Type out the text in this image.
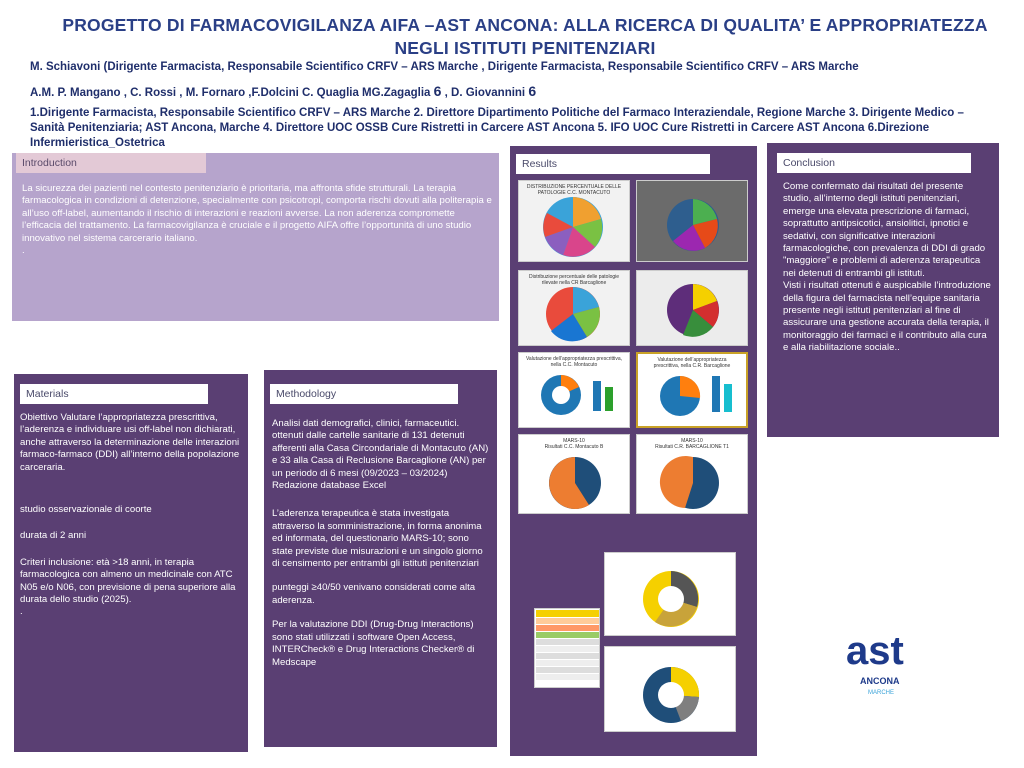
PROGETTO DI FARMACOVIGILANZA AIFA –AST ANCONA: ALLA RICERCA DI QUALITA’ E APPROPRIATEZZA NEGLI ISTITUTI PENITENZIARI
M. Schiavoni (Dirigente Farmacista, Responsabile Scientifico CRFV – ARS Marche , Dirigente Farmacista, Responsabile Scientifico CRFV – ARS Marche
A.M. P. Mangano , C. Rossi , M. Fornaro ,F.Dolcini C. Quaglia MG.Zagaglia 6 , D. Giovannini 6
1.Dirigente Farmacista, Responsabile Scientifico CRFV – ARS Marche 2. Direttore Dipartimento Politiche del Farmaco Interaziendale, Regione Marche 3. Dirigente Medico – Sanità Penitenziaria; AST Ancona, Marche 4. Direttore UOC OSSB Cure Ristretti in Carcere AST Ancona 5. IFO UOC Cure Ristretti in Carcere AST Ancona 6.Direzione Infermieristica_Ostetrica
Introduction

La sicurezza dei pazienti nel contesto penitenziario è prioritaria, ma affronta sfide strutturali. La terapia farmacologica in condizioni di detenzione, specialmente con psicotropi, comporta rischi dovuti alla politerapia e all’uso off-label, aumentando il rischio di interazioni e reazioni avverse. La non aderenza compromette l’efficacia del trattamento. La farmacovigilanza è cruciale e il progetto AIFA offre l’opportunità di uno studio innovativo nel sistema carcerario italiano.

.

Materials

Obiettivo Valutare l’appropriatezza prescrittiva, l’aderenza e individuare usi off-label non dichiarati, anche attraverso la determinazione delle interazioni farmaco-farmaco (DDI) all’interno della popolazione carceraria.

studio osservazionale di coorte

durata di 2 anni

Criteri inclusione: età >18 anni, in terapia farmacologica con almeno un medicinale con ATC N05 e/o N06, con previsione di pena superiore alla durata dello studio (2025).

.

Methodology

Analisi dati demografici, clinici, farmaceutici. ottenuti dalle cartelle sanitarie di 131 detenuti afferenti alla Casa Circondariale di Montacuto (AN) e 33 alla Casa di Reclusione Barcaglione (AN) per un periodo di 6 mesi (09/2023 – 03/2024)

Redazione database Excel

L’aderenza terapeutica è stata investigata attraverso la somministrazione, in forma anonima ed informata, del questionario MARS-10; sono state previste due misurazioni e un singolo giorno di censimento per entrambi gli istituti penitenziari

punteggi ≥40/50 venivano considerati come alta aderenza.

Per la valutazione DDI (Drug-Drug Interactions) sono stati utilizzati i software Open Access, INTERCheck® e Drug Interactions Checker® di Medscape

Results
DISTRIBUZIONE PERCENTUALE DELLE PATOLOGIE C.C. MONTACUTO
Distribuzione percentuale delle patologie rilevate nella CR Barcaglione
Valutazione dell’appropriatezza prescrittiva, nella C.C. Montacuto
Valutazione dell’appropriatezza prescrittiva, nella C.R. Barcaglione
MARS-10
Risultati C.C. Montacuto B
MARS-10
Risultati C.R. BARCAGLIONE T1
Conclusion

Come confermato dai risultati del presente studio, all’interno degli istituti penitenziari, emerge una elevata prescrizione di farmaci, soprattutto antipsicotici, ansiolitici, ipnotici e sedativi, con significative interazioni farmacologiche, con prevalenza di DDI di grado "maggiore" e problemi di aderenza terapeutica nei detenuti di entrambi gli istituti.

Visti i risultati ottenuti è auspicabile l’introduzione della figura del farmacista nell’equipe sanitaria presente negli istituti penitenziari al fine di assicurare una gestione accurata della terapia, il monitoraggio dei farmaci e il contributo alla cura e alla riabilitazione sociale..

ast
ANCONA
MARCHE
